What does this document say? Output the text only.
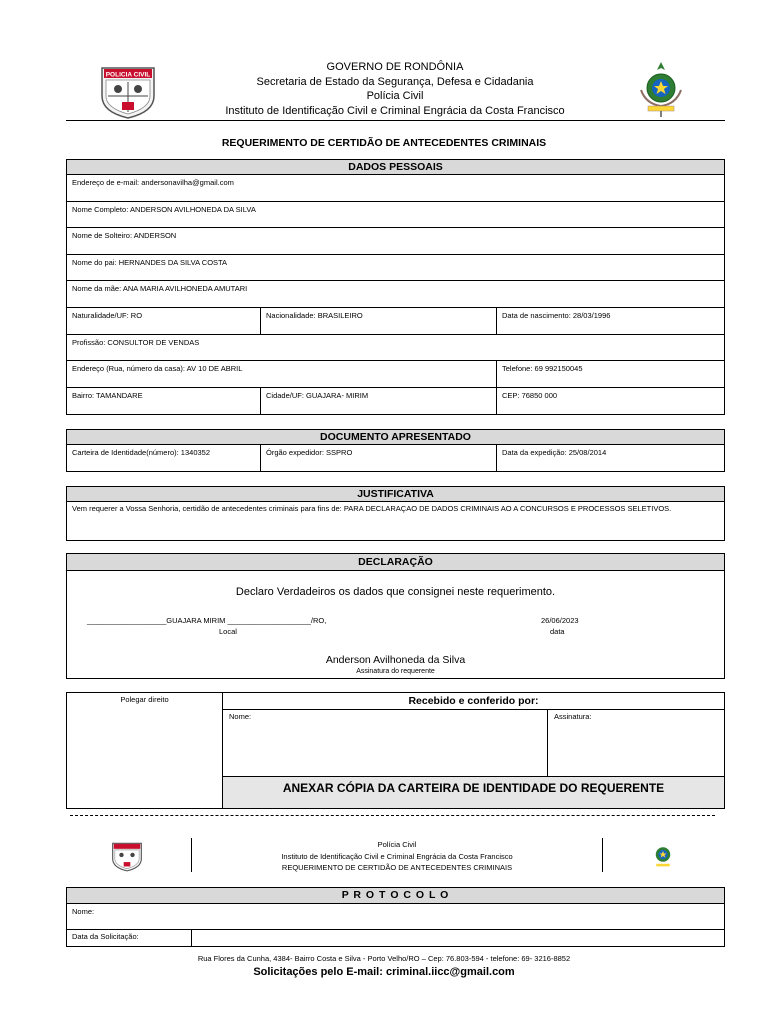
POLICIA CIVIL
GOVERNO DE RONDÔNIA
Secretaria de Estado da Segurança, Defesa e Cidadania
Polícia Civil
Instituto de Identificação Civil e Criminal Engrácia da Costa Francisco
REQUERIMENTO DE CERTIDÃO DE ANTECEDENTES CRIMINAIS
DADOS PESSOAIS
Endereço de e-mail: andersonavilha@gmail.com
Nome Completo: ANDERSON AVILHONEDA DA SILVA
Nome de Solteiro: ANDERSON
Nome do pai: HERNANDES DA SILVA COSTA
Nome da mãe: ANA MARIA AVILHONEDA AMUTARI
Naturalidade/UF: RO	Nacionalidade: BRASILEIRO	Data de nascimento: 28/03/1996
Profissão: CONSULTOR DE VENDAS
Endereço (Rua, número da casa): AV 10 DE ABRIL	Telefone: 69 992150045
Bairro: TAMANDARE	Cidade/UF: GUAJARA- MIRIM	CEP: 76850 000
DOCUMENTO APRESENTADO
Carteira de Identidade(número): 1340352	Órgão expedidor: SSPRO	Data da expedição: 25/08/2014
JUSTIFICATIVA
Vem requerer a Vossa Senhoria, certidão de antecedentes criminais para fins de: PARA DECLARAÇAO DE DADOS CRIMINAIS AO A CONCURSOS E PROCESSOS SELETIVOS.
DECLARAÇÃO
Declaro Verdadeiros os dados que consignei neste requerimento.
___________________GUAJARA MIRIM ____________________/RO,
Local
26/06/2023
data
Anderson Avilhoneda da Silva
Assinatura do requerente
Polegar direito	Recebido e conferido por:
Nome:	Assinatura:
ANEXAR CÓPIA DA CARTEIRA DE IDENTIDADE DO REQUERENTE
Polícia Civil
Instituto de Identificação Civil e Criminal Engrácia da Costa Francisco
REQUERIMENTO DE CERTIDÃO DE ANTECEDENTES CRIMINAIS
P R O T O C O L O
Nome:
Data da Solicitação:
Rua Flores da Cunha, 4384- Bairro Costa e Silva - Porto Velho/RO – Cep: 76.803-594 - telefone: 69- 3216-8852
Solicitações pelo E-mail: criminal.iicc@gmail.com
